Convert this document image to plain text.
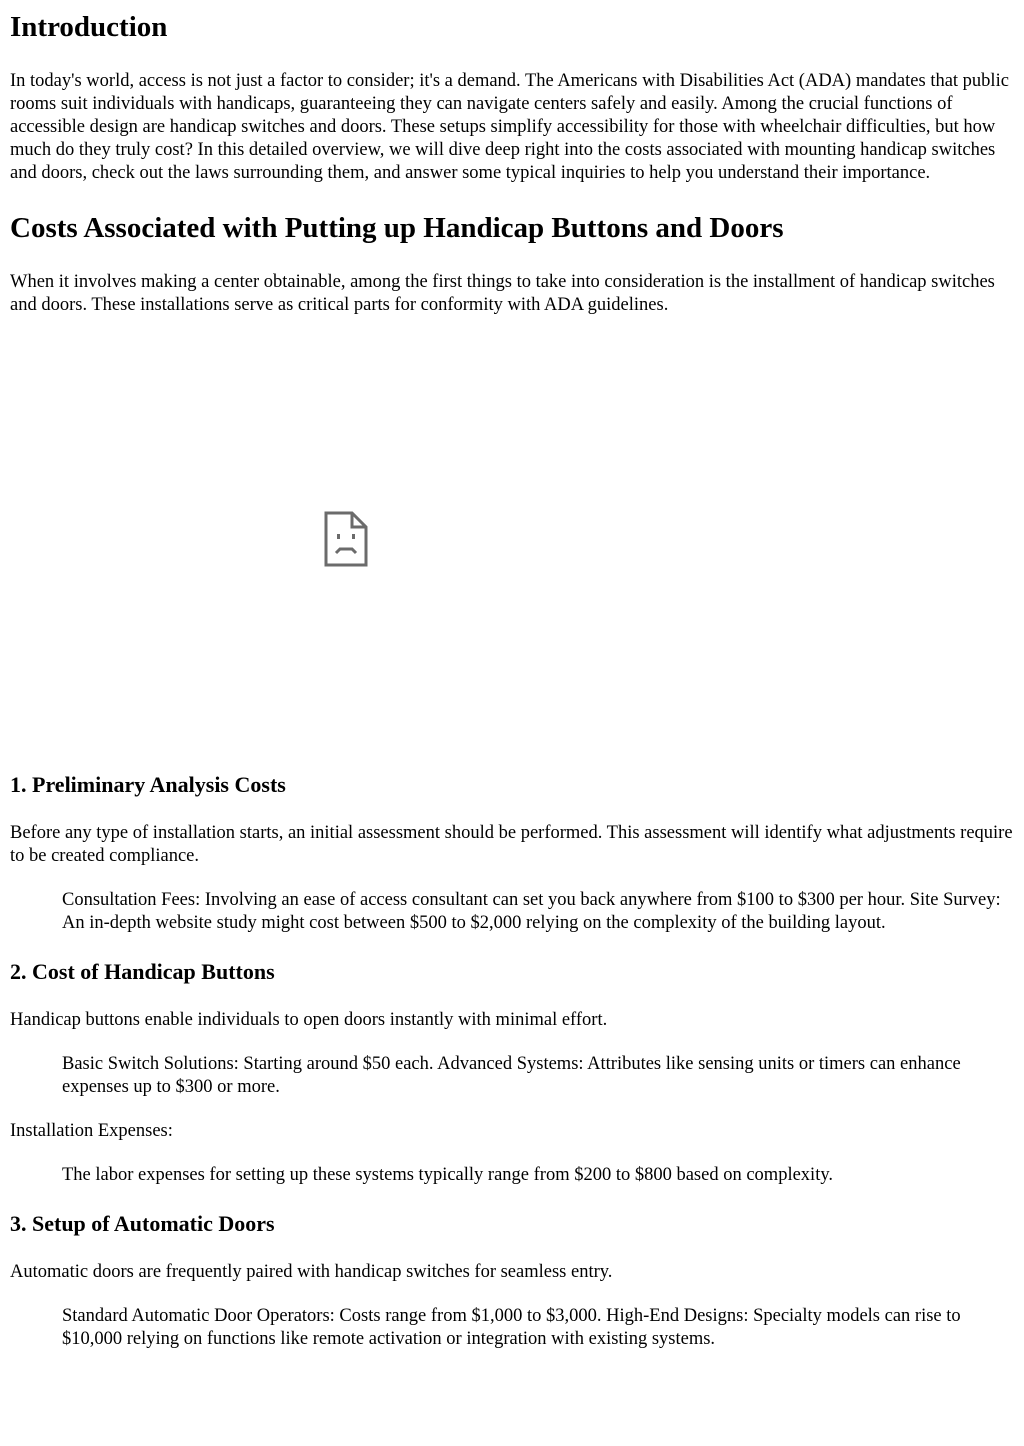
Introduction

In today's world, access is not just a factor to consider; it's a demand. The Americans with Disabilities Act (ADA) mandates that public rooms suit individuals with handicaps, guaranteeing they can navigate centers safely and easily. Among the crucial functions of accessible design are handicap switches and doors. These setups simplify accessibility for those with wheelchair difficulties, but how much do they truly cost? In this detailed overview, we will dive deep right into the costs associated with mounting handicap switches and doors, check out the laws surrounding them, and answer some typical inquiries to help you understand their importance.

Costs Associated with Putting up Handicap Buttons and Doors

When it involves making a center obtainable, among the first things to take into consideration is the installment of handicap switches and doors. These installations serve as critical parts for conformity with ADA guidelines.

1. Preliminary Analysis Costs

Before any type of installation starts, an initial assessment should be performed. This assessment will identify what adjustments require to be created compliance.

Consultation Fees: Involving an ease of access consultant can set you back anywhere from $100 to $300 per hour. Site Survey: An in-depth website study might cost between $500 to $2,000 relying on the complexity of the building layout.

2. Cost of Handicap Buttons

Handicap buttons enable individuals to open doors instantly with minimal effort.

Basic Switch Solutions: Starting around $50 each. Advanced Systems: Attributes like sensing units or timers can enhance expenses up to $300 or more.

Installation Expenses:

The labor expenses for setting up these systems typically range from $200 to $800 based on complexity.

3. Setup of Automatic Doors

Automatic doors are frequently paired with handicap switches for seamless entry.

Standard Automatic Door Operators: Costs range from $1,000 to $3,000. High-End Designs: Specialty models can rise to $10,000 relying on functions like remote activation or integration with existing systems.
